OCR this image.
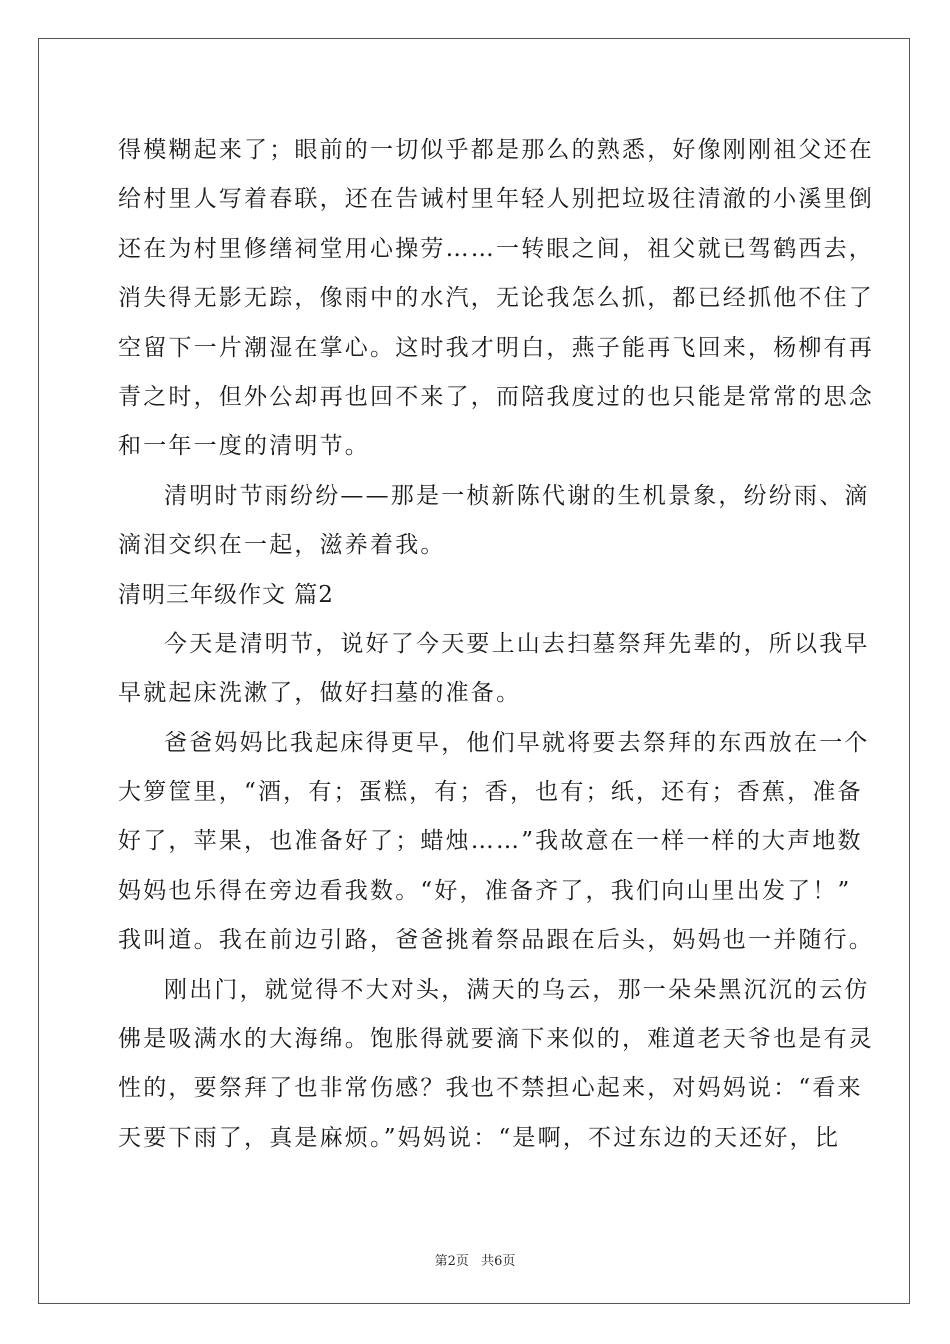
得模糊起来了；眼前的一切似乎都是那么的熟悉，好像刚刚祖父还在
给村里人写着春联，还在告诫村里年轻人别把垃圾往清澈的小溪里倒
还在为村里修缮祠堂用心操劳……一转眼之间，祖父就已驾鹤西去，
消失得无影无踪，像雨中的水汽，无论我怎么抓，都已经抓他不住了
空留下一片潮湿在掌心。这时我才明白，燕子能再飞回来，杨柳有再
青之时，但外公却再也回不来了，而陪我度过的也只能是常常的思念
和一年一度的清明节。
清明时节雨纷纷——那是一桢新陈代谢的生机景象，纷纷雨、滴
滴泪交织在一起，滋养着我。
清明三年级作文 篇2
今天是清明节，说好了今天要上山去扫墓祭拜先辈的，所以我早
早就起床洗漱了，做好扫墓的准备。
爸爸妈妈比我起床得更早，他们早就将要去祭拜的东西放在一个
大箩筐里，“酒，有；蛋糕，有；香，也有；纸，还有；香蕉，准备
好了，苹果，也准备好了；蜡烛……”我故意在一样一样的大声地数
妈妈也乐得在旁边看我数。“好，准备齐了，我们向山里出发了！”
我叫道。我在前边引路，爸爸挑着祭品跟在后头，妈妈也一并随行。
刚出门，就觉得不大对头，满天的乌云，那一朵朵黑沉沉的云仿
佛是吸满水的大海绵。饱胀得就要滴下来似的，难道老天爷也是有灵
性的，要祭拜了也非常伤感？我也不禁担心起来，对妈妈说：“看来
天要下雨了，真是麻烦。”妈妈说：“是啊，不过东边的天还好，比
第2页 共6页
